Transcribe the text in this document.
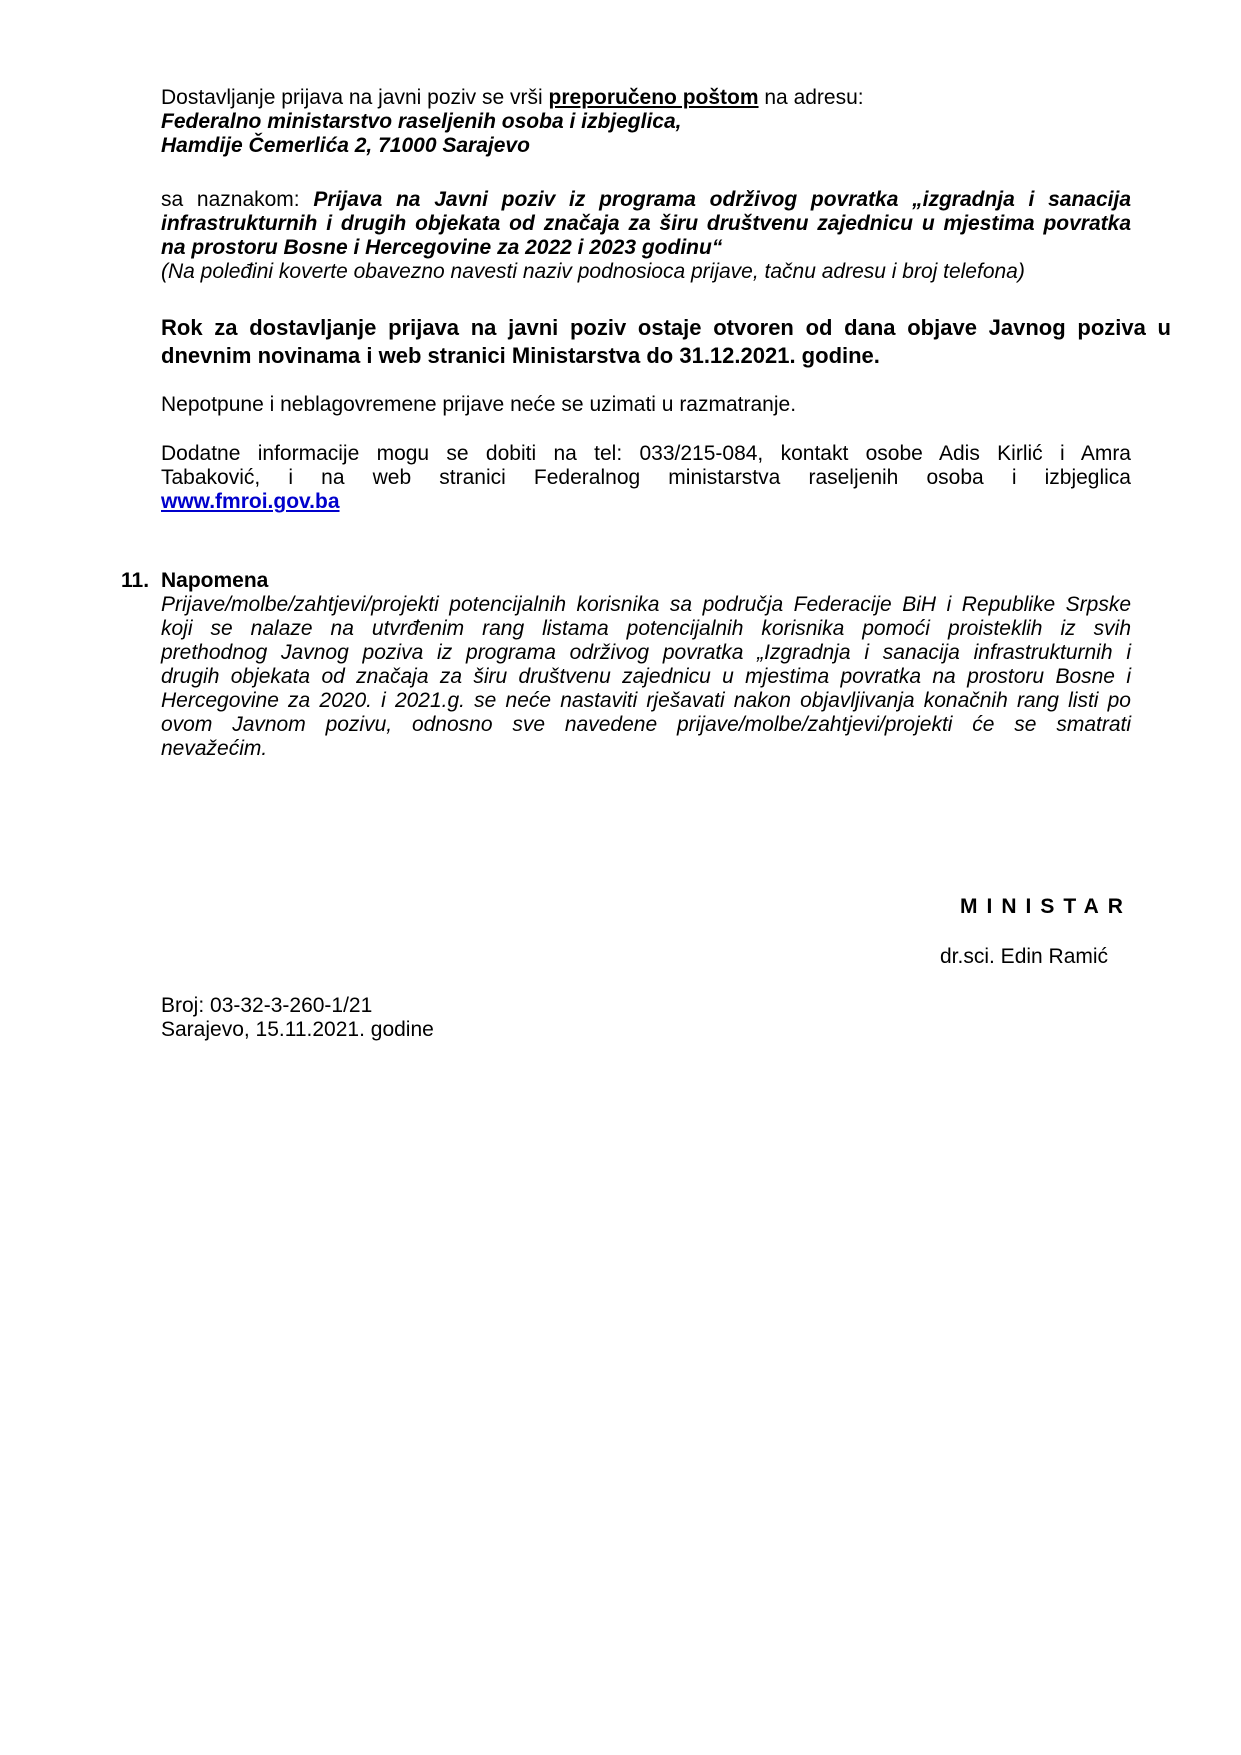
Dostavljanje prijava na javni poziv se vrši preporučeno poštom na adresu:
Federalno ministarstvo raseljenih osoba i izbjeglica,
Hamdije Čemerlića 2, 71000 Sarajevo
sa naznakom: Prijava na Javni poziv iz programa održivog povratka „izgradnja i sanacija
infrastrukturnih i drugih objekata od značaja za širu društvenu zajednicu u mjestima povratka
na prostoru Bosne i Hercegovine za 2022 i 2023 godinu“
(Na poleđini koverte obavezno navesti naziv podnosioca prijave, tačnu adresu i broj telefona)
Rok za dostavljanje prijava na javni poziv ostaje otvoren od dana objave Javnog poziva u
dnevnim novinama i web stranici Ministarstva do 31.12.2021. godine.
Nepotpune i neblagovremene prijave neće se uzimati u razmatranje.
Dodatne informacije mogu se dobiti na tel: 033/215-084, kontakt osobe Adis Kirlić i Amra
Tabaković, i na web stranici Federalnog ministarstva raseljenih osoba i izbjeglica
www.fmroi.gov.ba
11. Napomena
Prijave/molbe/zahtjevi/projekti potencijalnih korisnika sa područja Federacije BiH i Republike Srpske
koji se nalaze na utvrđenim rang listama potencijalnih korisnika pomoći proisteklih iz svih
prethodnog Javnog poziva iz programa održivog povratka „Izgradnja i sanacija infrastrukturnih i
drugih objekata od značaja za širu društvenu zajednicu u mjestima povratka na prostoru Bosne i
Hercegovine za 2020. i 2021.g. se neće nastaviti rješavati nakon objavljivanja konačnih rang listi po
ovom Javnom pozivu, odnosno sve navedene prijave/molbe/zahtjevi/projekti će se smatrati
nevažećim.
MINISTAR
dr.sci. Edin Ramić
Broj: 03-32-3-260-1/21
Sarajevo, 15.11.2021. godine
